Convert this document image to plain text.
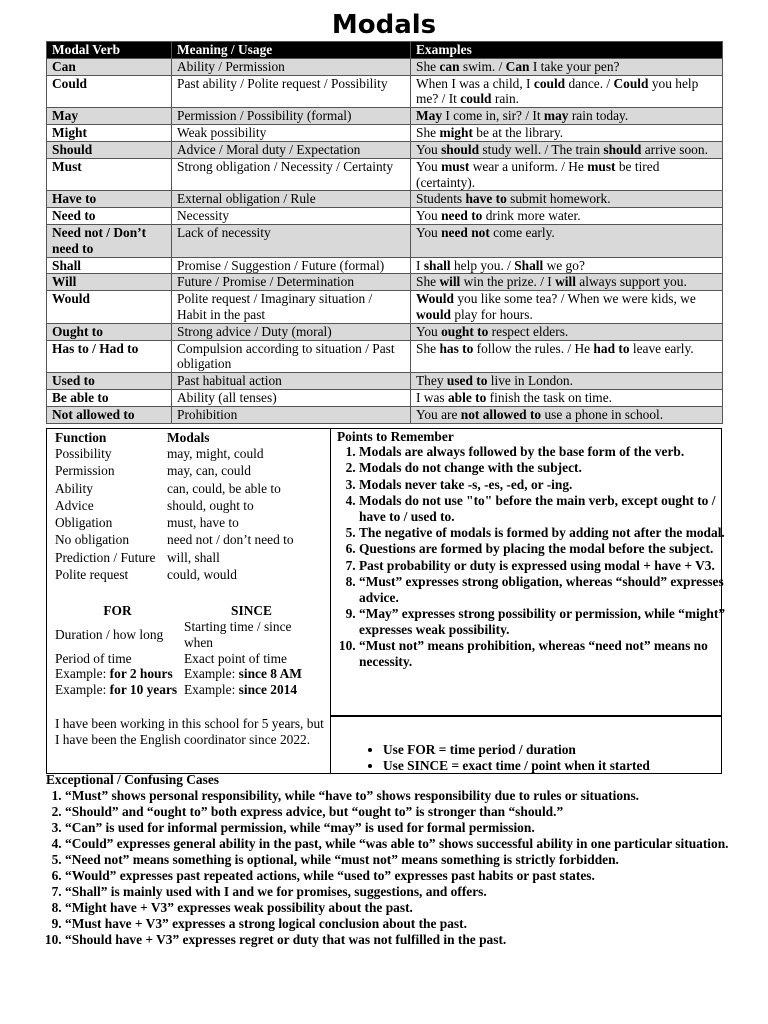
Modals
Modal Verb	Meaning / Usage	Examples
Can	Ability / Permission	She can swim. / Can I take your pen?
Could	Past ability / Polite request / Possibility	When I was a child, I could dance. / Could you help me? / It could rain.
May	Permission / Possibility (formal)	May I come in, sir? / It may rain today.
Might	Weak possibility	She might be at the library.
Should	Advice / Moral duty / Expectation	You should study well. / The train should arrive soon.
Must	Strong obligation / Necessity / Certainty	You must wear a uniform. / He must be tired (certainty).
Have to	External obligation / Rule	Students have to submit homework.
Need to	Necessity	You need to drink more water.
Need not / Don’t need to	Lack of necessity	You need not come early.
Shall	Promise / Suggestion / Future (formal)	I shall help you. / Shall we go?
Will	Future / Promise / Determination	She will win the prize. / I will always support you.
Would	Polite request / Imaginary situation / Habit in the past	Would you like some tea? / When we were kids, we would play for hours.
Ought to	Strong advice / Duty (moral)	You ought to respect elders.
Has to / Had to	Compulsion according to situation / Past obligation	She has to follow the rules. / He had to leave early.
Used to	Past habitual action	They used to live in London.
Be able to	Ability (all tenses)	I was able to finish the task on time.
Not allowed to	Prohibition	You are not allowed to use a phone in school.
Function	Modals
Possibility	may, might, could
Permission	may, can, could
Ability	can, could, be able to
Advice	should, ought to
Obligation	must, have to
No obligation	need not / don’t need to
Prediction / Future	will, shall
Polite request	could, would
FOR	SINCE
Duration / how long	Starting time / since when
Period of time	Exact point of time
Example: for 2 hours	Example: since 8 AM
Example: for 10 years	Example: since 2014
I have been working in this school for 5 years, but I have been the English coordinator since 2022.
Points to Remember
1. Modals are always followed by the base form of the verb.
2. Modals do not change with the subject.
3. Modals never take -s, -es, -ed, or -ing.
4. Modals do not use "to" before the main verb, except ought to / have to / used to.
5. The negative of modals is formed by adding not after the modal.
6. Questions are formed by placing the modal before the subject.
7. Past probability or duty is expressed using modal + have + V3.
8. “Must” expresses strong obligation, whereas “should” expresses advice.
9. “May” expresses strong possibility or permission, while “might” expresses weak possibility.
10. “Must not” means prohibition, whereas “need not” means no necessity.
• Use FOR = time period / duration
• Use SINCE = exact time / point when it started
Exceptional / Confusing Cases
1. “Must” shows personal responsibility, while “have to” shows responsibility due to rules or situations.
2. “Should” and “ought to” both express advice, but “ought to” is stronger than “should.”
3. “Can” is used for informal permission, while “may” is used for formal permission.
4. “Could” expresses general ability in the past, while “was able to” shows successful ability in one particular situation.
5. “Need not” means something is optional, while “must not” means something is strictly forbidden.
6. “Would” expresses past repeated actions, while “used to” expresses past habits or past states.
7. “Shall” is mainly used with I and we for promises, suggestions, and offers.
8. “Might have + V3” expresses weak possibility about the past.
9. “Must have + V3” expresses a strong logical conclusion about the past.
10. “Should have + V3” expresses regret or duty that was not fulfilled in the past.
